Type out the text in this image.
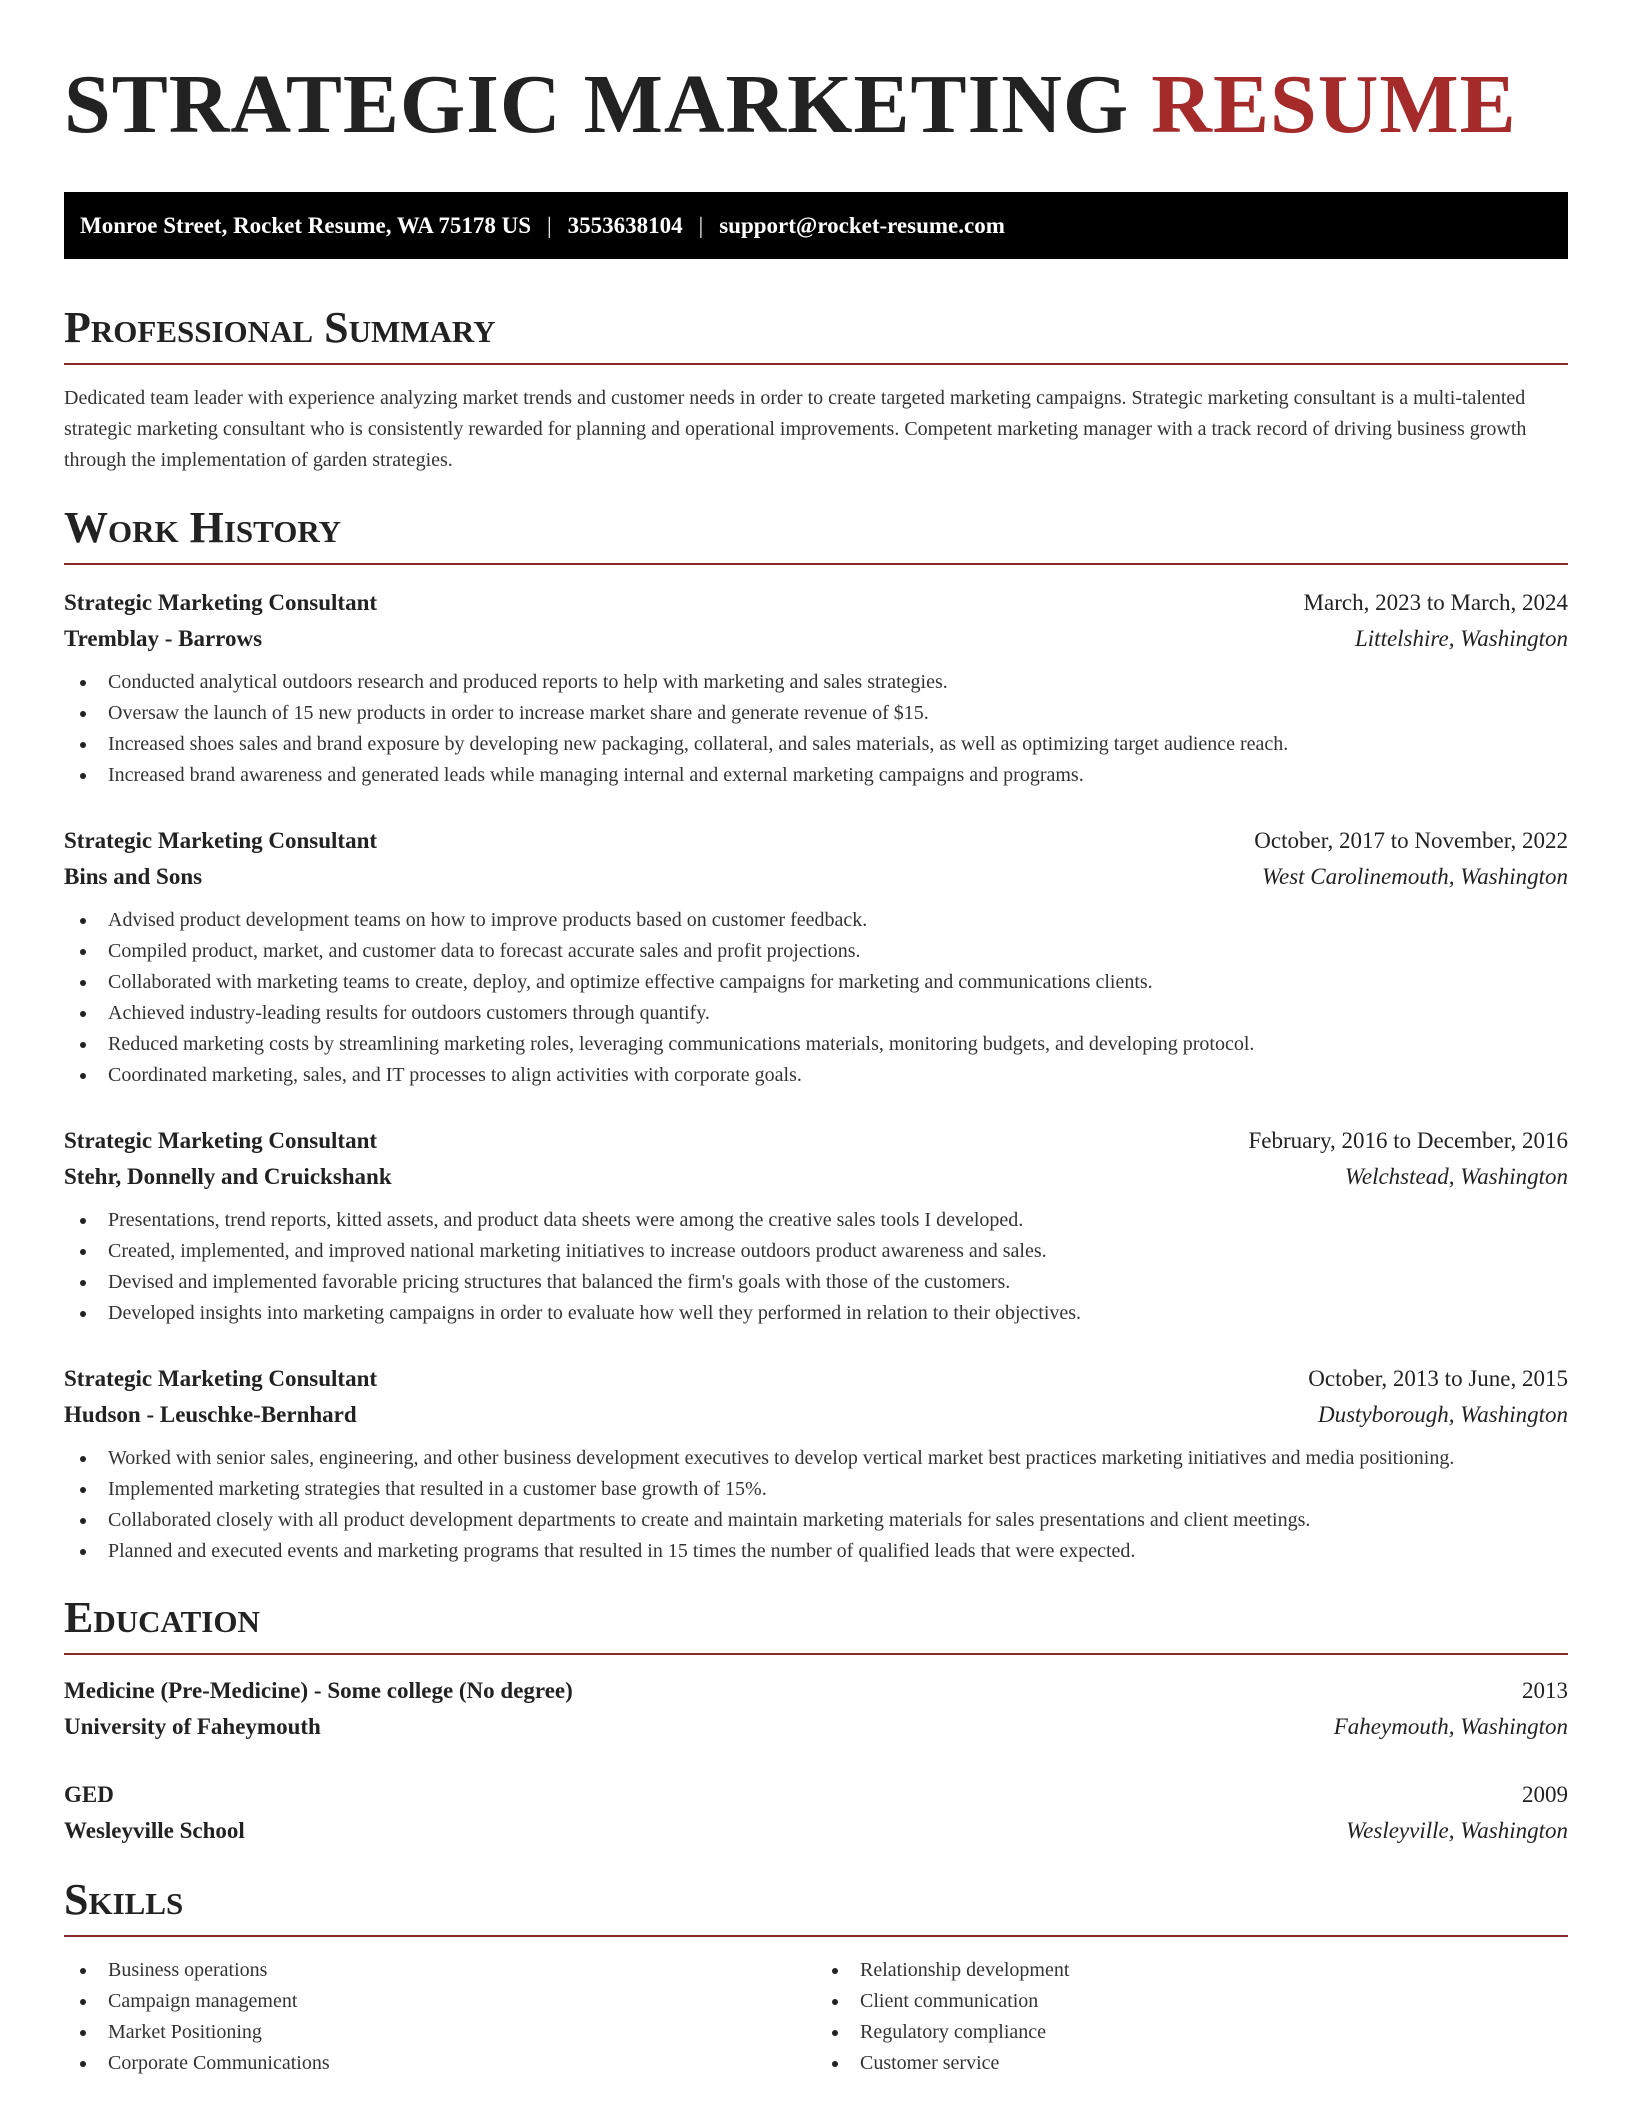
STRATEGIC MARKETING RESUME
Monroe Street, Rocket Resume, WA 75178 US | 3553638104 | support@rocket-resume.com
Professional Summary

Dedicated team leader with experience analyzing market trends and customer needs in order to create targeted marketing campaigns. Strategic marketing consultant is a multi-talented strategic marketing consultant who is consistently rewarded for planning and operational improvements. Competent marketing manager with a track record of driving business growth through the implementation of garden strategies.

Work History
Strategic Marketing Consultant	March, 2023 to March, 2024
Tremblay - Barrows	Littelshire, Washington
Conducted analytical outdoors research and produced reports to help with marketing and sales strategies.
Oversaw the launch of 15 new products in order to increase market share and generate revenue of $15.
Increased shoes sales and brand exposure by developing new packaging, collateral, and sales materials, as well as optimizing target audience reach.
Increased brand awareness and generated leads while managing internal and external marketing campaigns and programs.
Strategic Marketing Consultant	October, 2017 to November, 2022
Bins and Sons	West Carolinemouth, Washington
Advised product development teams on how to improve products based on customer feedback.
Compiled product, market, and customer data to forecast accurate sales and profit projections.
Collaborated with marketing teams to create, deploy, and optimize effective campaigns for marketing and communications clients.
Achieved industry-leading results for outdoors customers through quantify.
Reduced marketing costs by streamlining marketing roles, leveraging communications materials, monitoring budgets, and developing protocol.
Coordinated marketing, sales, and IT processes to align activities with corporate goals.
Strategic Marketing Consultant	February, 2016 to December, 2016
Stehr, Donnelly and Cruickshank	Welchstead, Washington
Presentations, trend reports, kitted assets, and product data sheets were among the creative sales tools I developed.
Created, implemented, and improved national marketing initiatives to increase outdoors product awareness and sales.
Devised and implemented favorable pricing structures that balanced the firm's goals with those of the customers.
Developed insights into marketing campaigns in order to evaluate how well they performed in relation to their objectives.
Strategic Marketing Consultant	October, 2013 to June, 2015
Hudson - Leuschke-Bernhard	Dustyborough, Washington
Worked with senior sales, engineering, and other business development executives to develop vertical market best practices marketing initiatives and media positioning.
Implemented marketing strategies that resulted in a customer base growth of 15%.
Collaborated closely with all product development departments to create and maintain marketing materials for sales presentations and client meetings.
Planned and executed events and marketing programs that resulted in 15 times the number of qualified leads that were expected.
Education
Medicine (Pre-Medicine) - Some college (No degree)	2013
University of Faheymouth	Faheymouth, Washington
GED	2009
Wesleyville School	Wesleyville, Washington
Skills
Business operations
Campaign management
Market Positioning
Corporate Communications
Relationship development
Client communication
Regulatory compliance
Customer service
